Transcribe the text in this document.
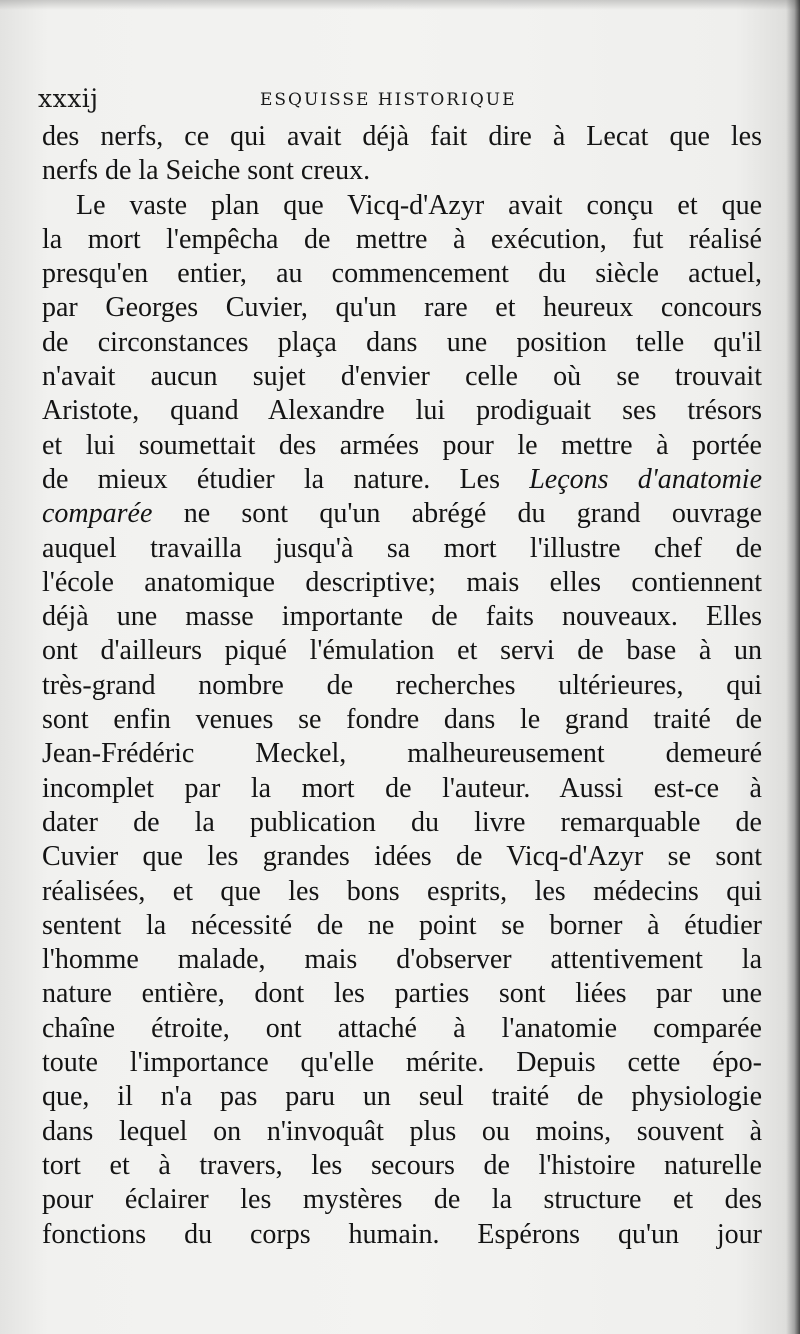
xxxij	ESQUISSE HISTORIQUE
des nerfs, ce qui avait déjà fait dire à Lecat que les
nerfs de la Seiche sont creux.
Le vaste plan que Vicq-d'Azyr avait conçu et que
la mort l'empêcha de mettre à exécution, fut réalisé
presqu'en entier, au commencement du siècle actuel,
par Georges Cuvier, qu'un rare et heureux concours
de circonstances plaça dans une position telle qu'il
n'avait aucun sujet d'envier celle où se trouvait
Aristote, quand Alexandre lui prodiguait ses trésors
et lui soumettait des armées pour le mettre à portée
de mieux étudier la nature. Les Leçons d'anatomie
comparée ne sont qu'un abrégé du grand ouvrage
auquel travailla jusqu'à sa mort l'illustre chef de
l'école anatomique descriptive; mais elles contiennent
déjà une masse importante de faits nouveaux. Elles
ont d'ailleurs piqué l'émulation et servi de base à un
très-grand nombre de recherches ultérieures, qui
sont enfin venues se fondre dans le grand traité de
Jean-Frédéric Meckel, malheureusement demeuré
incomplet par la mort de l'auteur. Aussi est-ce à
dater de la publication du livre remarquable de
Cuvier que les grandes idées de Vicq-d'Azyr se sont
réalisées, et que les bons esprits, les médecins qui
sentent la nécessité de ne point se borner à étudier
l'homme malade, mais d'observer attentivement la
nature entière, dont les parties sont liées par une
chaîne étroite, ont attaché à l'anatomie comparée
toute l'importance qu'elle mérite. Depuis cette épo-
que, il n'a pas paru un seul traité de physiologie
dans lequel on n'invoquât plus ou moins, souvent à
tort et à travers, les secours de l'histoire naturelle
pour éclairer les mystères de la structure et des
fonctions du corps humain. Espérons qu'un jour
